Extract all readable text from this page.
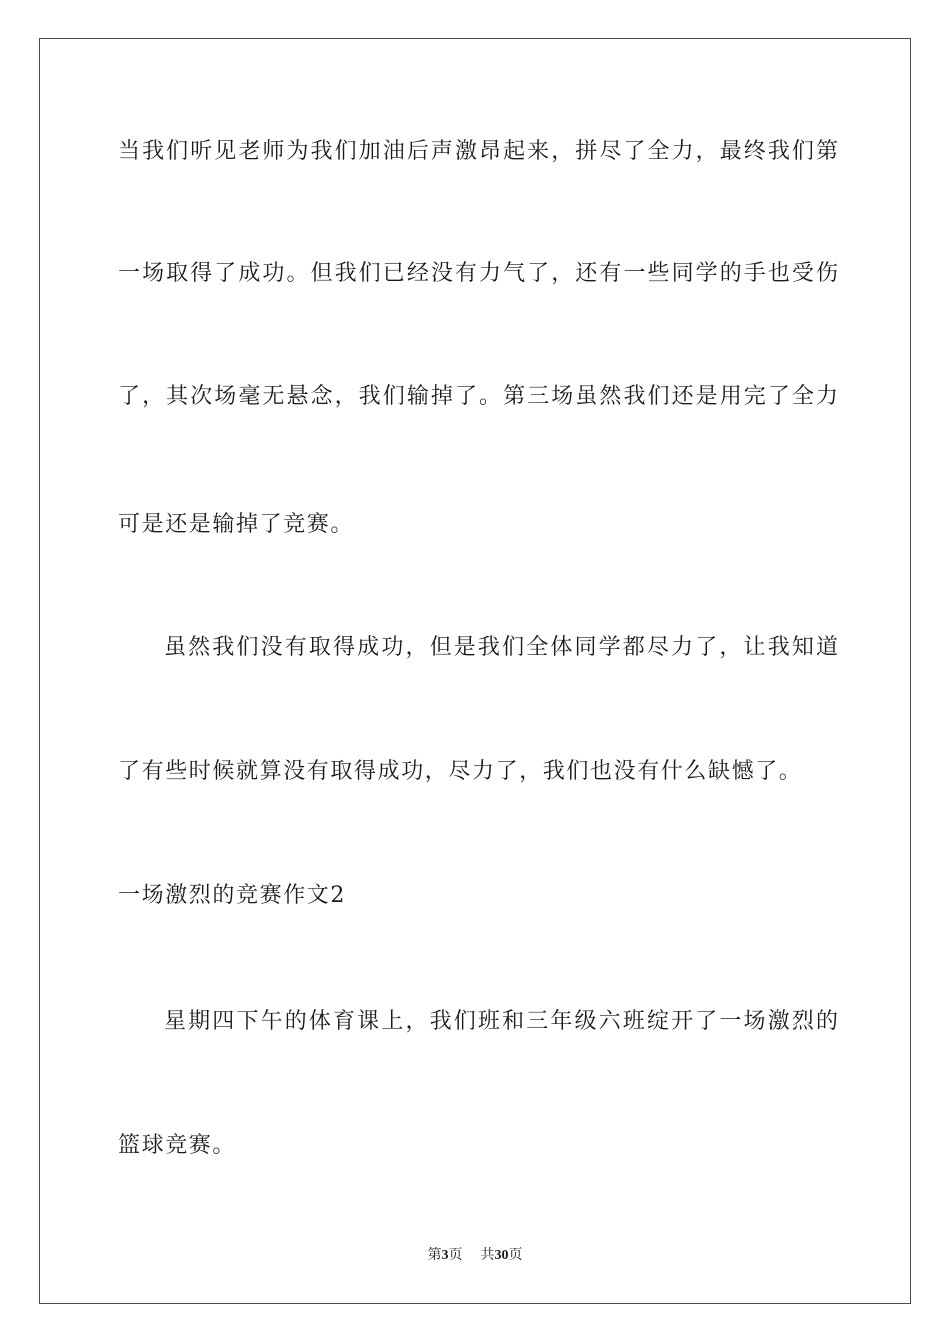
当我们听见老师为我们加油后声激昂起来，拼尽了全力，最终我们第
一场取得了成功。但我们已经没有力气了，还有一些同学的手也受伤
了，其次场毫无悬念，我们输掉了。第三场虽然我们还是用完了全力
可是还是输掉了竞赛。
虽然我们没有取得成功，但是我们全体同学都尽力了，让我知道
了有些时候就算没有取得成功，尽力了，我们也没有什么缺憾了。
一场激烈的竞赛作文2
星期四下午的体育课上，我们班和三年级六班绽开了一场激烈的
篮球竞赛。
第3页 共30页
